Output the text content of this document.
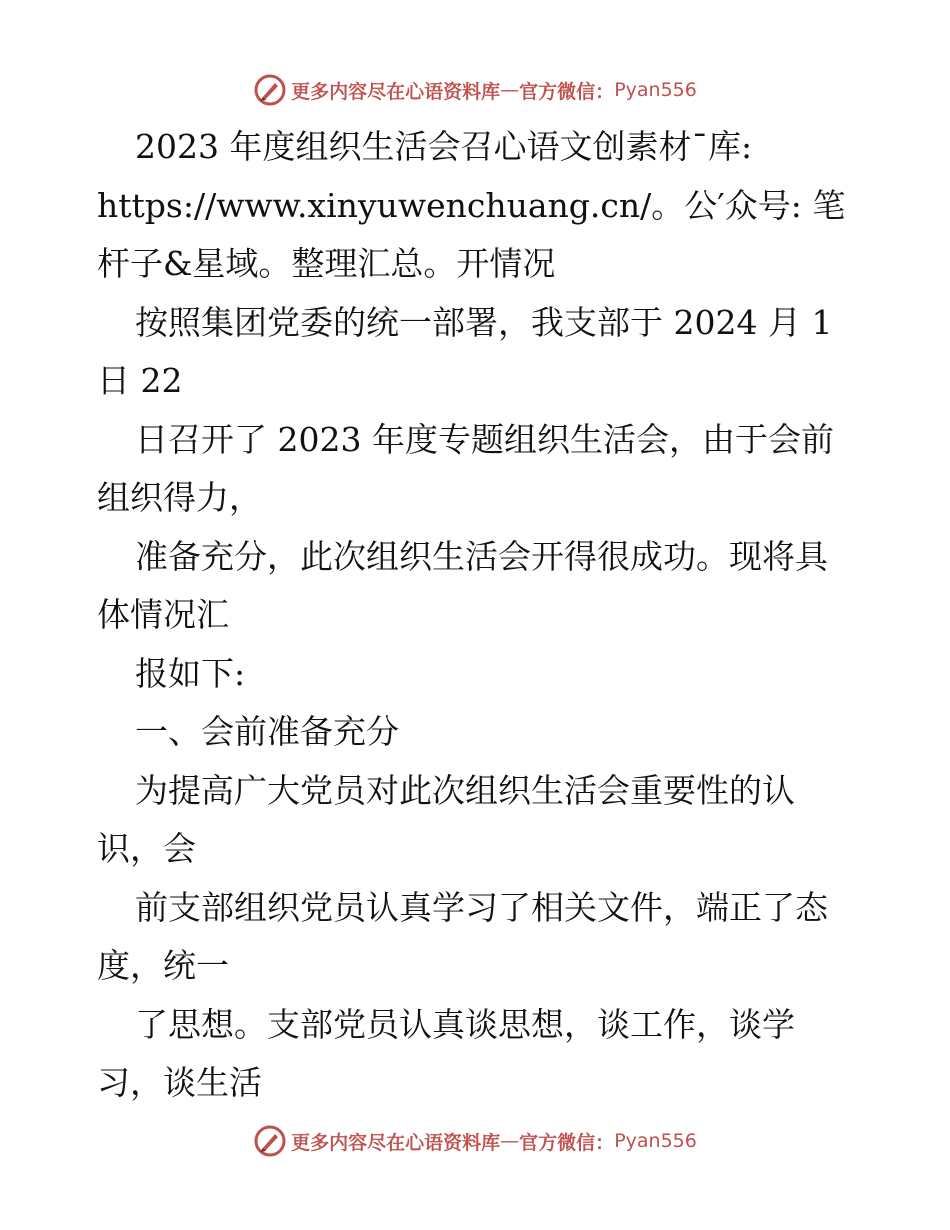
更多内容尽在心语资料库 — 官方微信： Pyan556
2023 年度组织生活会召心语文创素材¯库:
https://www.xinyuwenchuang.cn/。公′众号: 笔
杆子&星域。整理汇总。开情况
按照集团党委的统一部署，我支部于 2024 月 1
日 22
日召开了 2023 年度专题组织生活会，由于会前
组织得力，
准备充分，此次组织生活会开得很成功。现将具
体情况汇
报如下:
一、会前准备充分
为提高广大党员对此次组织生活会重要性的认
识，会
前支部组织党员认真学习了相关文件，端正了态
度，统一
了思想。支部党员认真谈思想，谈工作，谈学
习，谈生活
更多内容尽在心语资料库 — 官方微信： Pyan556
